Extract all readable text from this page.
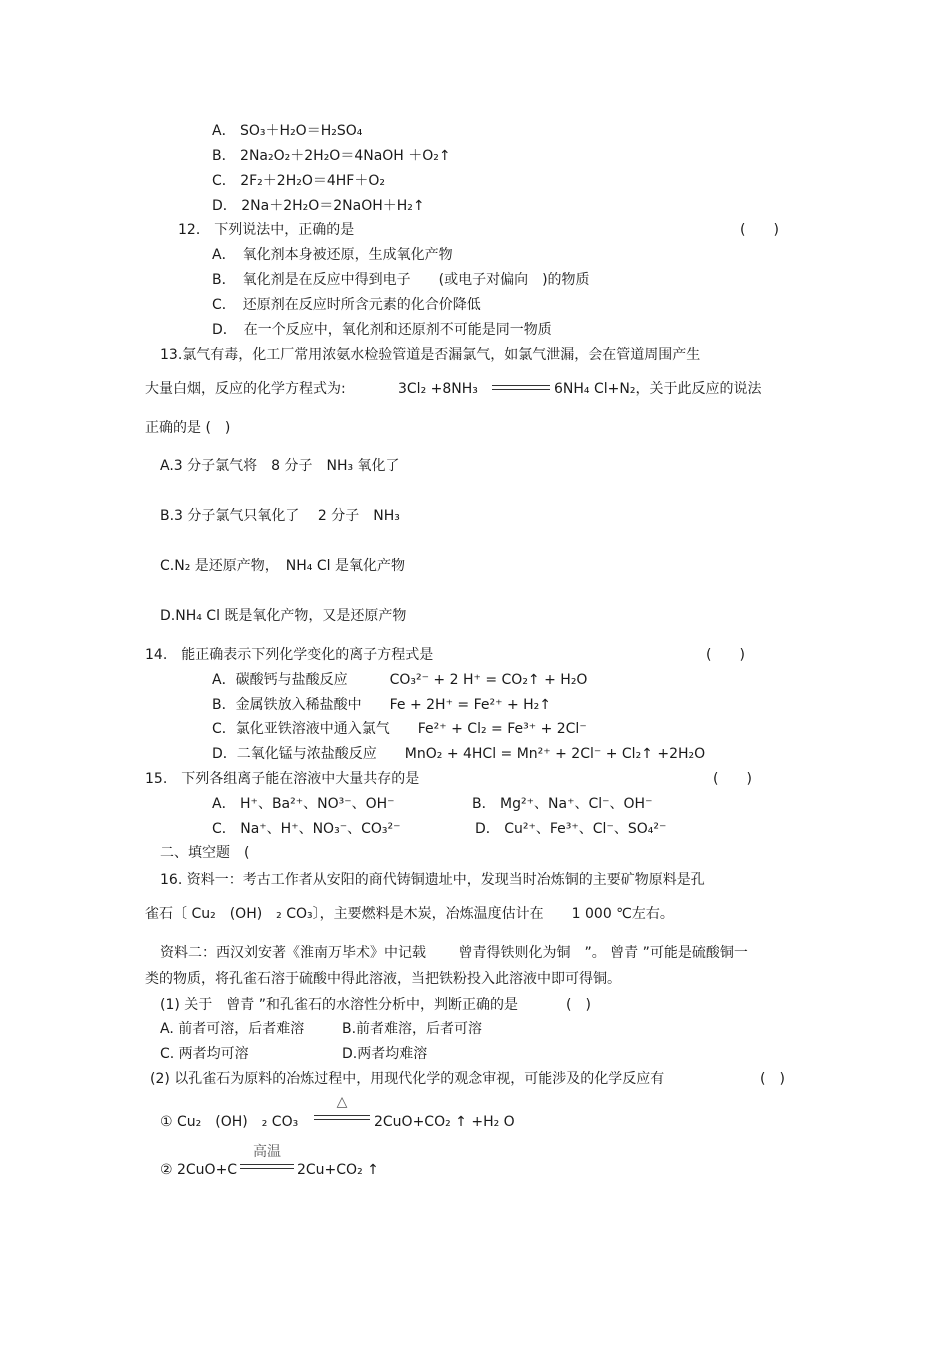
A． SO₃＋H₂O＝H₂SO₄
B． 2Na₂O₂＋2H₂O＝4NaOH ＋O₂↑
C． 2F₂＋2H₂O＝4HF＋O₂
D． 2Na＋2H₂O＝2NaOH＋H₂↑
12． 下列说法中，正确的是	(　　)
A．　氧化剂本身被还原，生成氧化产物
B．　氧化剂是在反应中得到电子　　(或电子对偏向　)的物质
C．　还原剂在反应时所含元素的化合价降低
D．　在一个反应中，氧化剂和还原剂不可能是同一物质
13.氯气有毒，化工厂常用浓氨水检验管道是否漏氯气，如氯气泄漏，会在管道周围产生
大量白烟，反应的化学方程式为:	3Cl₂ +8NH₃	6NH₄ Cl+N₂，关于此反应的说法
正确的是 (　)
A.3 分子氯气将　8 分子　NH₃ 氧化了
B.3 分子氯气只氧化了　 2 分子　NH₃
C.N₂ 是还原产物，　NH₄ Cl 是氧化产物
D.NH₄ Cl 既是氧化产物，又是还原产物
14.　能正确表示下列化学变化的离子方程式是	(　　)
A．碳酸钙与盐酸反应　　　CO₃²⁻ + 2 H⁺ = CO₂↑ + H₂O
B．金属铁放入稀盐酸中　　Fe + 2H⁺ = Fe²⁺ + H₂↑
C．氯化亚铁溶液中通入氯气　　Fe²⁺ + Cl₂ = Fe³⁺ + 2Cl⁻
D．二氧化锰与浓盐酸反应　　MnO₂ + 4HCl = Mn²⁺ + 2Cl⁻ + Cl₂↑ +2H₂O
15.　下列各组离子能在溶液中大量共存的是	(　　)
A． H⁺、Ba²⁺、NO³⁻、OH⁻	B． Mg²⁺、Na⁺、Cl⁻、OH⁻
C． Na⁺、H⁺、NO₃⁻、CO₃²⁻	D． Cu²⁺、Fe³⁺、Cl⁻、SO₄²⁻
二、填空题　(
16. 资料一：考古工作者从安阳的商代铸铜遗址中，发现当时冶炼铜的主要矿物原料是孔
雀石〔 Cu₂　(OH)　₂ CO₃〕，主要燃料是木炭，冶炼温度估计在　　1 000 ℃左右。
资料二：西汉刘安著《淮南万毕术》中记载　　 曾青得铁则化为铜　”。 曾青 ”可能是硫酸铜一
类的物质，将孔雀石溶于硫酸中得此溶液，当把铁粉投入此溶液中即可得铜。
(1) 关于　曾青 ”和孔雀石的水溶性分析中，判断正确的是	(　)
A. 前者可溶，后者难溶	B.前者难溶，后者可溶
C. 两者均可溶	D.两者均难溶
(2) 以孔雀石为原料的冶炼过程中，用现代化学的观念审视，可能涉及的化学反应有	(　)
① Cu₂　(OH)　₂ CO₃
△
2CuO+CO₂ ↑ +H₂ O
② 2CuO+C
高温
2Cu+CO₂ ↑
